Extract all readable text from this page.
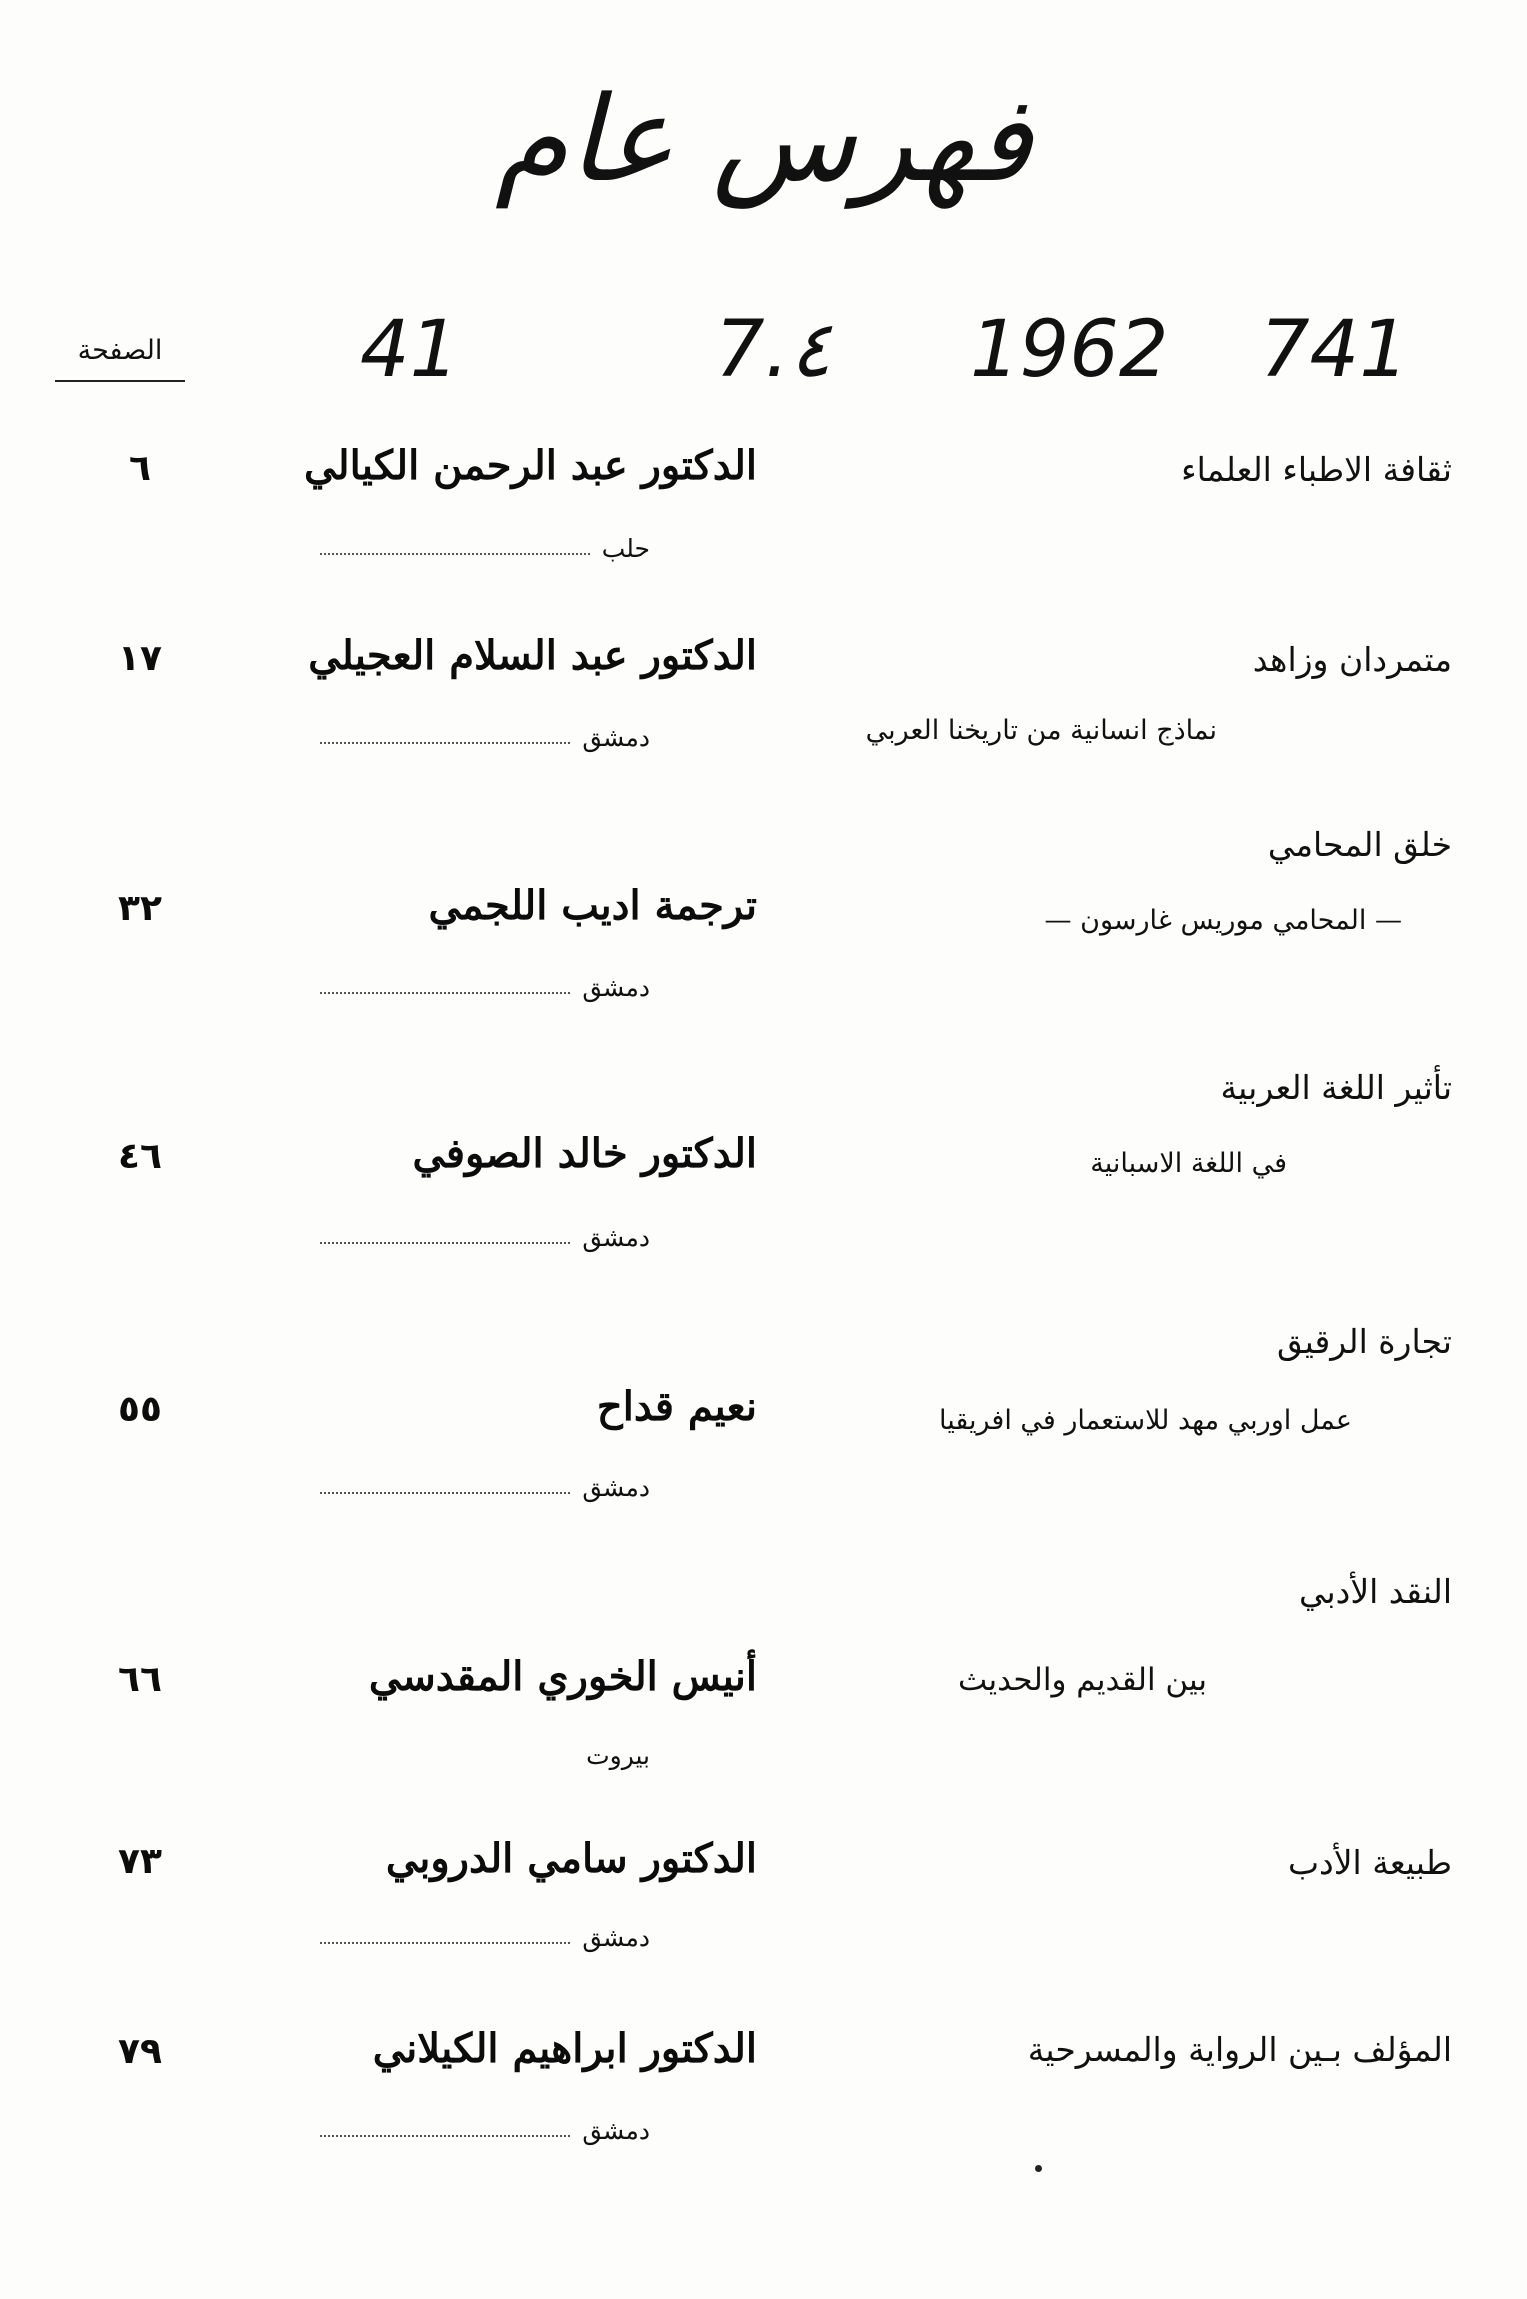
فهرس عام
41	7.٤ 1962 741
الصفحة
ثقافة الاطباء العلماء
الدكتور عبد الرحمن الكيالي
٦
حلب
متمردان وزاهد
نماذج انسانية من تاريخنا العربي
الدكتور عبد السلام العجيلي
١٧
دمشق
خلق المحامي
— المحامي موريس غارسون —
ترجمة اديب اللجمي
٣٢
دمشق
تأثير اللغة العربية
في اللغة الاسبانية
الدكتور خالد الصوفي
٤٦
دمشق
تجارة الرقيق
عمل اوربي مهد للاستعمار في افريقيا
نعيم قداح
٥٥
دمشق
النقد الأدبي
بين القديم والحديث
أنيس الخوري المقدسي
٦٦
بيروت
طبيعة الأدب
الدكتور سامي الدروبي
٧٣
دمشق
المؤلف بـين الرواية والمسرحية
الدكتور ابراهيم الكيلاني
٧٩
دمشق
